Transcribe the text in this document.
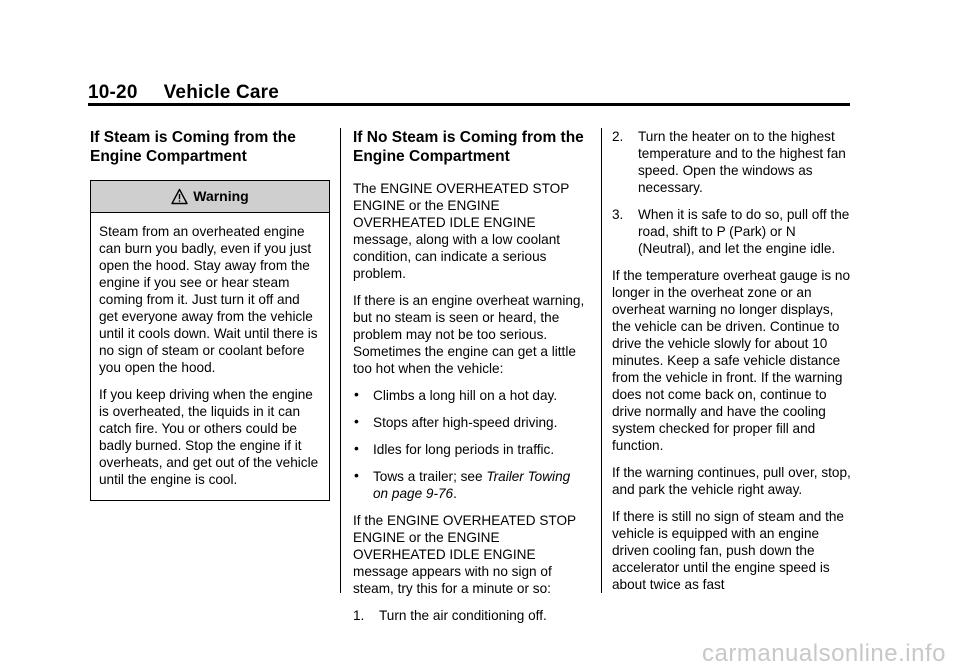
10-20 Vehicle Care
If Steam is Coming from the Engine Compartment
Warning

Steam from an overheated engine can burn you badly, even if you just open the hood. Stay away from the engine if you see or hear steam coming from it. Just turn it off and get everyone away from the vehicle until it cools down. Wait until there is no sign of steam or coolant before you open the hood.

If you keep driving when the engine is overheated, the liquids in it can catch fire. You or others could be badly burned. Stop the engine if it overheats, and get out of the vehicle until the engine is cool.

If No Steam is Coming from the Engine Compartment

The ENGINE OVERHEATED STOP ENGINE or the ENGINE OVERHEATED IDLE ENGINE message, along with a low coolant condition, can indicate a serious problem.

If there is an engine overheat warning, but no steam is seen or heard, the problem may not be too serious. Sometimes the engine can get a little too hot when the vehicle:

• Climbs a long hill on a hot day.
• Stops after high-speed driving.
• Idles for long periods in traffic.
• Tows a trailer; see Trailer Towing on page 9-76.

If the ENGINE OVERHEATED STOP ENGINE or the ENGINE OVERHEATED IDLE ENGINE message appears with no sign of steam, try this for a minute or so:

1. Turn the air conditioning off.
2. Turn the heater on to the highest temperature and to the highest fan speed. Open the windows as necessary.
3. When it is safe to do so, pull off the road, shift to P (Park) or N (Neutral), and let the engine idle.

If the temperature overheat gauge is no longer in the overheat zone or an overheat warning no longer displays, the vehicle can be driven. Continue to drive the vehicle slowly for about 10 minutes. Keep a safe vehicle distance from the vehicle in front. If the warning does not come back on, continue to drive normally and have the cooling system checked for proper fill and function.

If the warning continues, pull over, stop, and park the vehicle right away.

If there is still no sign of steam and the vehicle is equipped with an engine driven cooling fan, push down the accelerator until the engine speed is about twice as fast

carmanualsonline.info
